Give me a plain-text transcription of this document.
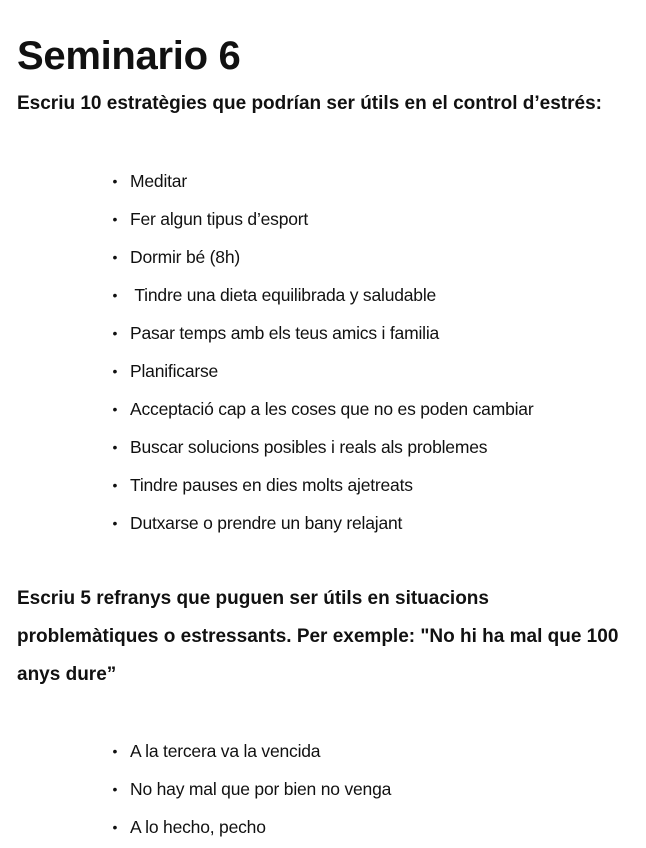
Seminario 6

Escriu 10 estratègies que podrían ser útils en el control d’estrés:

• Meditar
• Fer algun tipus d’esport
• Dormir bé (8h)
• Tindre una dieta equilibrada y saludable
• Pasar temps amb els teus amics i familia
• Planificarse
• Acceptació cap a les coses que no es poden cambiar
• Buscar solucions posibles i reals als problemes
• Tindre pauses en dies molts ajetreats
• Dutxarse o prendre un bany relajant

Escriu 5 refranys que puguen ser útils en situacions problemàtiques o estressants. Per exemple: "No hi ha mal que 100 anys dure”

• A la tercera va la vencida
• No hay mal que por bien no venga
• A lo hecho, pecho
